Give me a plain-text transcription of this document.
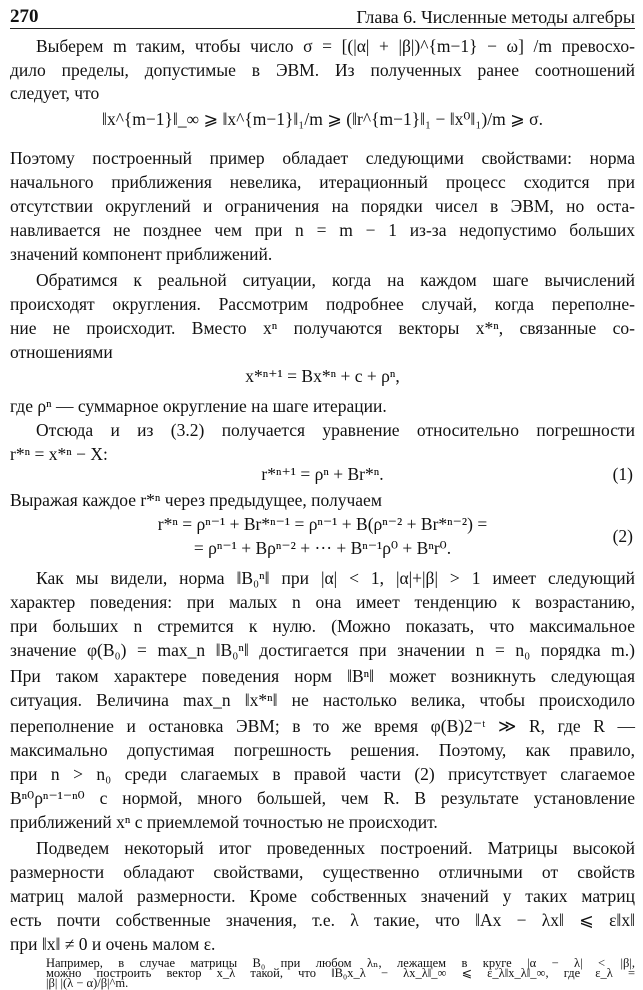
270	Глава 6. Численные методы алгебры
Выберем m таким, чтобы число σ = [(|α| + |β|)^{m−1} − ω] /m превосхо-
дило пределы, допустимые в ЭВМ. Из полученных ранее соотношений
следует, что
‖x^{m−1}‖_∞ ⩾ ‖x^{m−1}‖₁/m ⩾ (‖r^{m−1}‖₁ − ‖x⁰‖₁)/m ⩾ σ.
Поэтому построенный пример обладает следующими свойствами: норма
начального приближения невелика, итерационный процесс сходится при
отсутствии округлений и ограничения на порядки чисел в ЭВМ, но оста-
навливается не позднее чем при n = m − 1 из-за недопустимо больших
значений компонент приближений.
Обратимся к реальной ситуации, когда на каждом шаге вычислений
происходят округления. Рассмотрим подробнее случай, когда переполне-
ние не происходит. Вместо xⁿ получаются векторы x*ⁿ, связанные со-
отношениями
x*ⁿ⁺¹ = Bx*ⁿ + c + ρⁿ,
где ρⁿ — суммарное округление на шаге итерации.
Отсюда и из (3.2) получается уравнение относительно погрешности
r*ⁿ = x*ⁿ − X:
r*ⁿ⁺¹ = ρⁿ + Br*ⁿ.	(1)
Выражая каждое r*ⁿ через предыдущее, получаем
r*ⁿ = ρⁿ⁻¹ + Br*ⁿ⁻¹ = ρⁿ⁻¹ + B(ρⁿ⁻² + Br*ⁿ⁻²) =
= ρⁿ⁻¹ + Bρⁿ⁻² + ··· + Bⁿ⁻¹ρ⁰ + Bⁿr⁰.
(2)
Как мы видели, норма ‖B₀ⁿ‖ при |α| < 1, |α|+|β| > 1 имеет следующий
характер поведения: при малых n она имеет тенденцию к возрастанию,
при больших n стремится к нулю. (Можно показать, что максимальное
значение φ(B₀) = max_n ‖B₀ⁿ‖ достигается при значении n = n₀ порядка m.)
При таком характере поведения норм ‖Bⁿ‖ может возникнуть следующая
ситуация. Величина max_n ‖x*ⁿ‖ не настолько велика, чтобы происходило
переполнение и остановка ЭВМ; в то же время φ(B)2⁻ᵗ ≫ R, где R —
максимально допустимая погрешность решения. Поэтому, как правило,
при n > n₀ среди слагаемых в правой части (2) присутствует слагаемое
Bⁿ⁰ρⁿ⁻¹⁻ⁿ⁰ с нормой, много большей, чем R. В результате установление
приближений xⁿ с приемлемой точностью не происходит.
Подведем некоторый итог проведенных построений. Матрицы высокой
размерности обладают свойствами, существенно отличными от свойств
матриц малой размерности. Кроме собственных значений у таких матриц
есть почти собственные значения, т.е. λ такие, что ‖Ax − λx‖ ⩽ ε‖x‖
при ‖x‖ ≠ 0 и очень малом ε.
Например, в случае матрицы B₀ при любом λₙ, лежащем в круге |α − λ| < |β|,
можно построить вектор x_λ такой, что ‖B₀x_λ − λx_λ‖_∞ ⩽ ε_λ‖x_λ‖_∞, где ε_λ =
|β| |(λ − α)/β|^m.
